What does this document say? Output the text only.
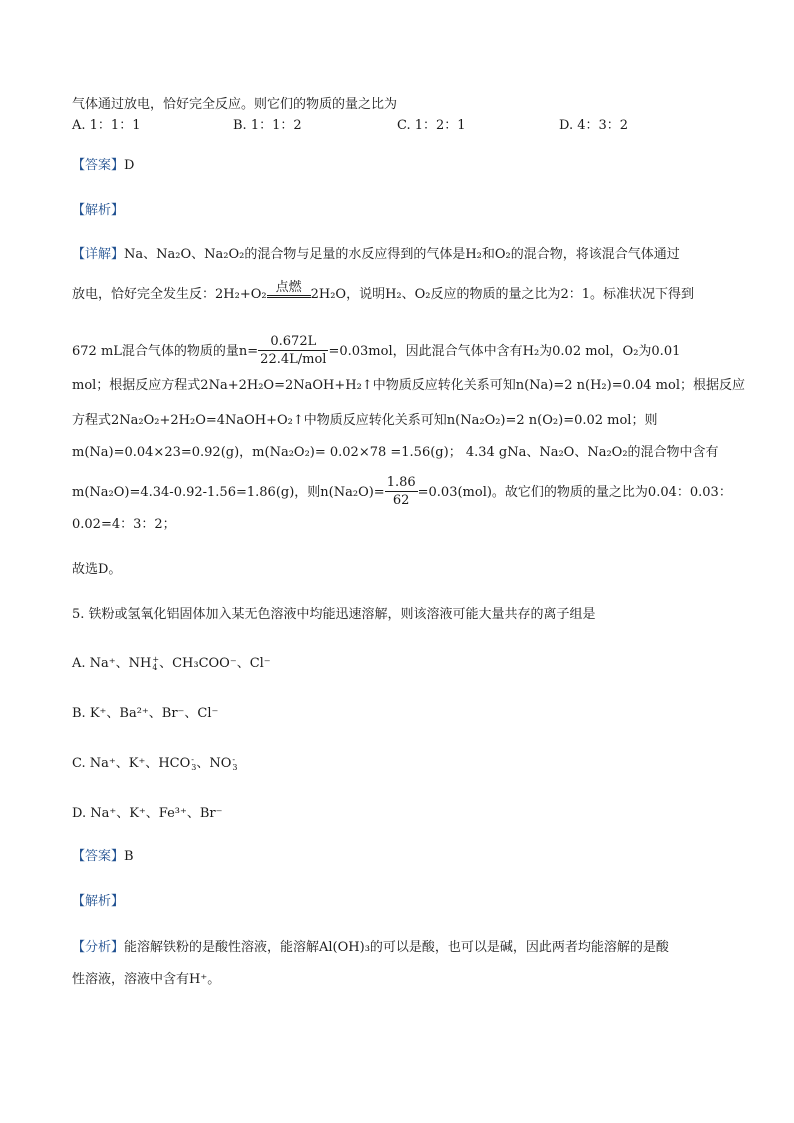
气体通过放电，恰好完全反应。则它们的物质的量之比为
A. 1：1：1	B. 1：1：2	C. 1：2：1	D. 4：3：2
【答案】D
【解析】
【详解】Na、Na₂O、Na₂O₂的混合物与足量的水反应得到的气体是H₂和O₂的混合物，将该混合气体通过
放电，恰好完全发生反：2H₂+O₂ 点燃 2H₂O，说明H₂、O₂反应的物质的量之比为2：1。标准状况下得到
672 mL混合气体的物质的量$n= \frac{0.672L}{\text{22.4L/mol}} =0.03mol$，因此混合气体中含有H₂为0.02 mol，O₂为0.01
mol；根据反应方程式2Na+2H₂O=2NaOH+H₂↑中物质反应转化关系可知n(Na)=2 n(H₂)=0.04 mol；根据反应
方程式2Na₂O₂+2H₂O=4NaOH+O₂↑中物质反应转化关系可知n(Na₂O₂)=2 n(O₂)=0.02 mol；则
m(Na)=0.04×23=0.92(g)，m(Na₂O₂)= 0.02×78 =1.56(g)； 4.34 gNa、Na₂O、Na₂O₂的混合物中含有
m(Na₂O)=4.34-0.92-1.56=1.86(g)，则$n(Na_2O)= \frac{1.86}{62} =0.03(mol)$。故它们的物质的量之比为0.04：0.03：
0.02=4：3：2；
故选D。
5. 铁粉或氢氧化铝固体加入某无色溶液中均能迅速溶解，则该溶液可能大量共存的离子组是
A. Na⁺、NH +
4 、CH₃COO⁻、Cl⁻
B. K⁺、Ba²⁺、Br⁻、Cl⁻
C. Na⁺、K⁺、HCO -
3 、NO -
3
D. Na⁺、K⁺、Fe³⁺、Br⁻
【答案】B
【解析】
【分析】能溶解铁粉的是酸性溶液，能溶解Al(OH)₃的可以是酸，也可以是碱，因此两者均能溶解的是酸
性溶液，溶液中含有H⁺。
